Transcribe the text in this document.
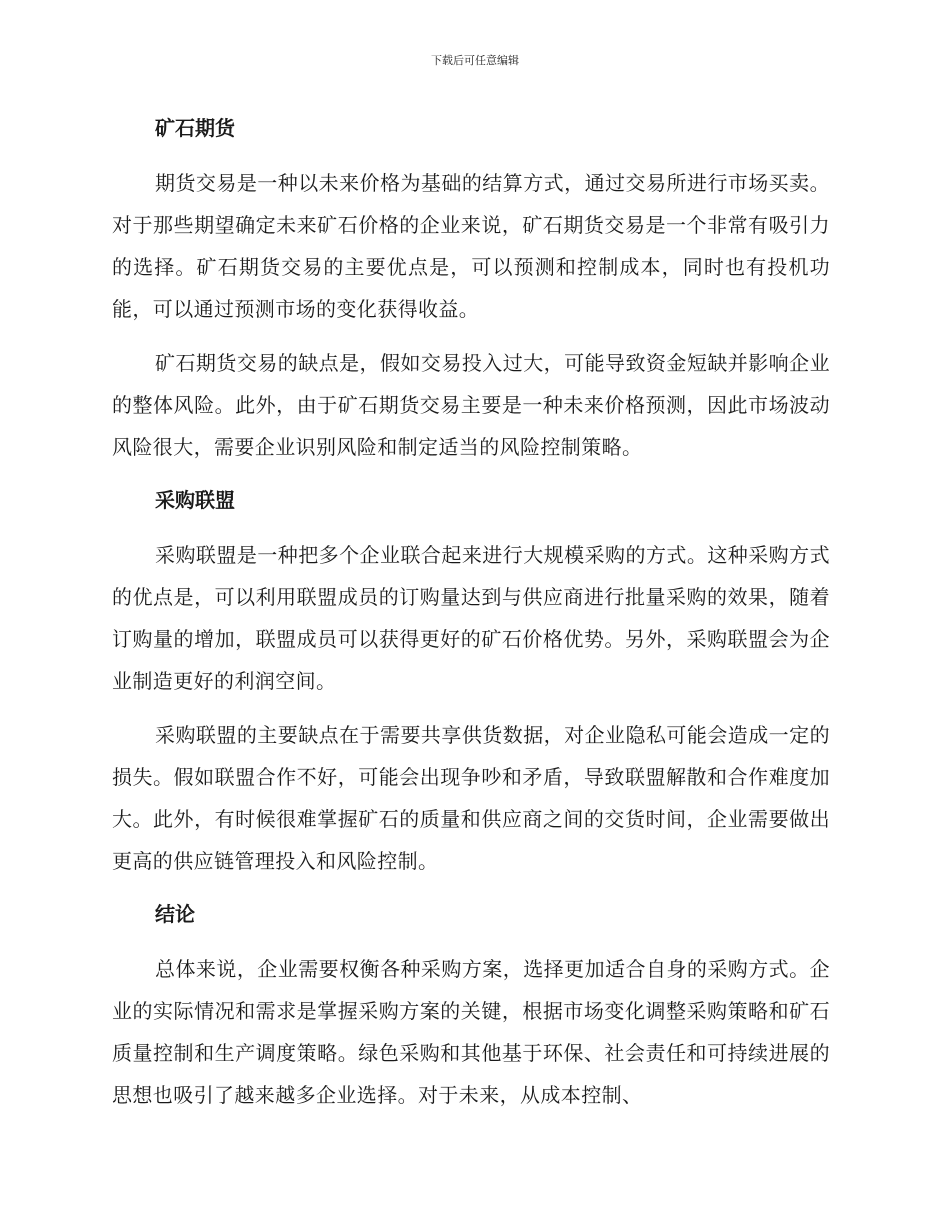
下载后可任意编辑
矿石期货

期货交易是一种以未来价格为基础的结算方式，通过交易所进行市场买卖。对于那些期望确定未来矿石价格的企业来说，矿石期货交易是一个非常有吸引力的选择。矿石期货交易的主要优点是，可以预测和控制成本，同时也有投机功能，可以通过预测市场的变化获得收益。

矿石期货交易的缺点是，假如交易投入过大，可能导致资金短缺并影响企业的整体风险。此外，由于矿石期货交易主要是一种未来价格预测，因此市场波动风险很大，需要企业识别风险和制定适当的风险控制策略。

采购联盟

采购联盟是一种把多个企业联合起来进行大规模采购的方式。这种采购方式的优点是，可以利用联盟成员的订购量达到与供应商进行批量采购的效果，随着订购量的增加，联盟成员可以获得更好的矿石价格优势。另外，采购联盟会为企业制造更好的利润空间。

采购联盟的主要缺点在于需要共享供货数据，对企业隐私可能会造成一定的损失。假如联盟合作不好，可能会出现争吵和矛盾，导致联盟解散和合作难度加大。此外，有时候很难掌握矿石的质量和供应商之间的交货时间，企业需要做出更高的供应链管理投入和风险控制。

结论

总体来说，企业需要权衡各种采购方案，选择更加适合自身的采购方式。企业的实际情况和需求是掌握采购方案的关键，根据市场变化调整采购策略和矿石质量控制和生产调度策略。绿色采购和其他基于环保、社会责任和可持续进展的思想也吸引了越来越多企业选择。对于未来，从成本控制、
